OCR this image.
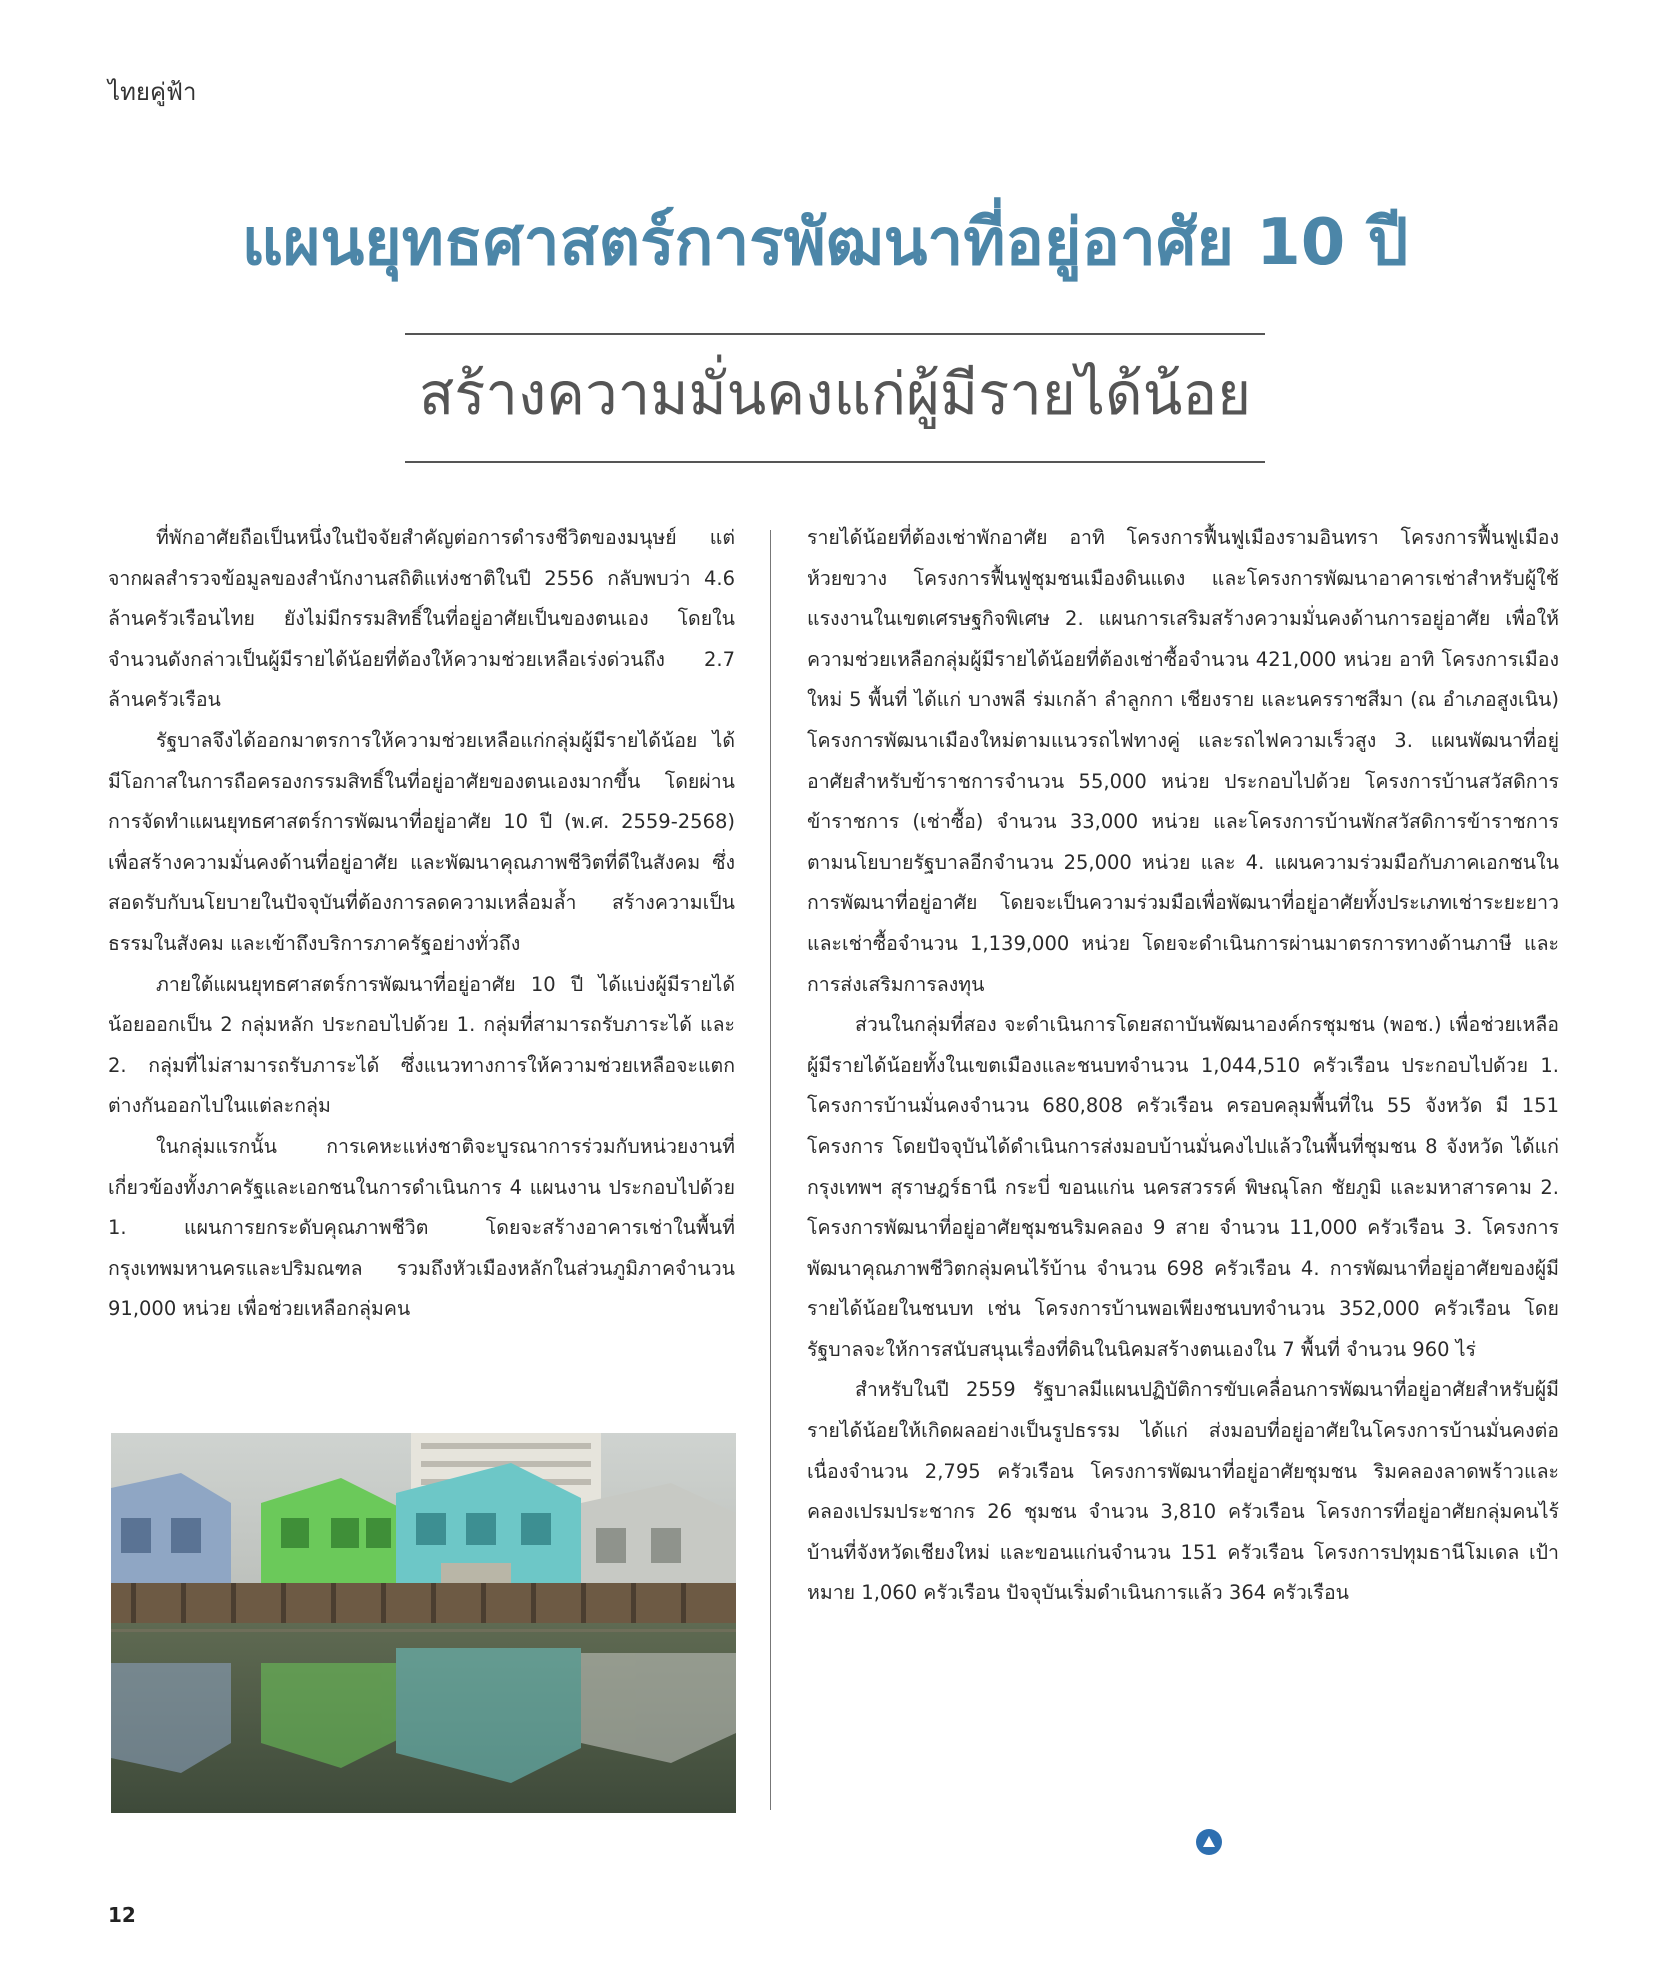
ไทยคู่ฟ้า
แผนยุทธศาสตร์การพัฒนาที่อยู่อาศัย 10 ปี
สร้างความมั่นคงแก่ผู้มีรายได้น้อย

ที่พักอาศัยถือเป็นหนึ่งในปัจจัยสำคัญต่อการดำรงชีวิตของมนุษย์ แต่จากผลสำรวจข้อมูลของสำนักงานสถิติแห่งชาติในปี 2556 กลับพบว่า 4.6 ล้านครัวเรือนไทย ยังไม่มีกรรมสิทธิ์ในที่อยู่อาศัยเป็นของตนเอง โดยในจำนวนดังกล่าวเป็นผู้มีรายได้น้อยที่ต้องให้ความช่วยเหลือเร่งด่วนถึง 2.7 ล้านครัวเรือน

รัฐบาลจึงได้ออกมาตรการให้ความช่วยเหลือแก่กลุ่มผู้มีรายได้น้อย ได้มีโอกาสในการถือครองกรรมสิทธิ์ในที่อยู่อาศัยของตนเองมากขึ้น โดยผ่านการจัดทำแผนยุทธศาสตร์การพัฒนาที่อยู่อาศัย 10 ปี (พ.ศ. 2559-2568) เพื่อสร้างความมั่นคงด้านที่อยู่อาศัย และพัฒนาคุณภาพชีวิตที่ดีในสังคม ซึ่งสอดรับกับนโยบายในปัจจุบันที่ต้องการลดความเหลื่อมล้ำ สร้างความเป็นธรรมในสังคม และเข้าถึงบริการภาครัฐอย่างทั่วถึง

ภายใต้แผนยุทธศาสตร์การพัฒนาที่อยู่อาศัย 10 ปี ได้แบ่งผู้มีรายได้น้อยออกเป็น 2 กลุ่มหลัก ประกอบไปด้วย 1. กลุ่มที่สามารถรับภาระได้ และ 2. กลุ่มที่ไม่สามารถรับภาระได้ ซึ่งแนวทางการให้ความช่วยเหลือจะแตกต่างกันออกไปในแต่ละกลุ่ม

ในกลุ่มแรกนั้น การเคหะแห่งชาติจะบูรณาการร่วมกับหน่วยงานที่เกี่ยวข้องทั้งภาครัฐและเอกชนในการดำเนินการ 4 แผนงาน ประกอบไปด้วย 1. แผนการยกระดับคุณภาพชีวิต โดยจะสร้างอาคารเช่าในพื้นที่กรุงเทพมหานครและปริมณฑล รวมถึงหัวเมืองหลักในส่วนภูมิภาคจำนวน 91,000 หน่วย เพื่อช่วยเหลือกลุ่มคน

รายได้น้อยที่ต้องเช่าพักอาศัย อาทิ โครงการฟื้นฟูเมืองรามอินทรา โครงการฟื้นฟูเมืองห้วยขวาง โครงการฟื้นฟูชุมชนเมืองดินแดง และโครงการพัฒนาอาคารเช่าสำหรับผู้ใช้แรงงานในเขตเศรษฐกิจพิเศษ 2. แผนการเสริมสร้างความมั่นคงด้านการอยู่อาศัย เพื่อให้ความช่วยเหลือกลุ่มผู้มีรายได้น้อยที่ต้องเช่าซื้อจำนวน 421,000 หน่วย อาทิ โครงการเมืองใหม่ 5 พื้นที่ ได้แก่ บางพลี ร่มเกล้า ลำลูกกา เชียงราย และนครราชสีมา (ณ อำเภอสูงเนิน) โครงการพัฒนาเมืองใหม่ตามแนวรถไฟทางคู่ และรถไฟความเร็วสูง 3. แผนพัฒนาที่อยู่อาศัยสำหรับข้าราชการจำนวน 55,000 หน่วย ประกอบไปด้วย โครงการบ้านสวัสดิการข้าราชการ (เช่าซื้อ) จำนวน 33,000 หน่วย และโครงการบ้านพักสวัสดิการข้าราชการตามนโยบายรัฐบาลอีกจำนวน 25,000 หน่วย และ 4. แผนความร่วมมือกับภาคเอกชนในการพัฒนาที่อยู่อาศัย โดยจะเป็นความร่วมมือเพื่อพัฒนาที่อยู่อาศัยทั้งประเภทเช่าระยะยาวและเช่าซื้อจำนวน 1,139,000 หน่วย โดยจะดำเนินการผ่านมาตรการทางด้านภาษี และการส่งเสริมการลงทุน

ส่วนในกลุ่มที่สอง จะดำเนินการโดยสถาบันพัฒนาองค์กรชุมชน (พอช.) เพื่อช่วยเหลือผู้มีรายได้น้อยทั้งในเขตเมืองและชนบทจำนวน 1,044,510 ครัวเรือน ประกอบไปด้วย 1. โครงการบ้านมั่นคงจำนวน 680,808 ครัวเรือน ครอบคลุมพื้นที่ใน 55 จังหวัด มี 151 โครงการ โดยปัจจุบันได้ดำเนินการส่งมอบบ้านมั่นคงไปแล้วในพื้นที่ชุมชน 8 จังหวัด ได้แก่ กรุงเทพฯ สุราษฎร์ธานี กระบี่ ขอนแก่น นครสวรรค์ พิษณุโลก ชัยภูมิ และมหาสารคาม 2. โครงการพัฒนาที่อยู่อาศัยชุมชนริมคลอง 9 สาย จำนวน 11,000 ครัวเรือน 3. โครงการพัฒนาคุณภาพชีวิตกลุ่มคนไร้บ้าน จำนวน 698 ครัวเรือน 4. การพัฒนาที่อยู่อาศัยของผู้มีรายได้น้อยในชนบท เช่น โครงการบ้านพอเพียงชนบทจำนวน 352,000 ครัวเรือน โดยรัฐบาลจะให้การสนับสนุนเรื่องที่ดินในนิคมสร้างตนเองใน 7 พื้นที่ จำนวน 960 ไร่

สำหรับในปี 2559 รัฐบาลมีแผนปฏิบัติการขับเคลื่อนการพัฒนาที่อยู่อาศัยสำหรับผู้มีรายได้น้อยให้เกิดผลอย่างเป็นรูปธรรม ได้แก่ ส่งมอบที่อยู่อาศัยในโครงการบ้านมั่นคงต่อเนื่องจำนวน 2,795 ครัวเรือน โครงการพัฒนาที่อยู่อาศัยชุมชน ริมคลองลาดพร้าวและคลองเปรมประชากร 26 ชุมชน จำนวน 3,810 ครัวเรือน โครงการที่อยู่อาศัยกลุ่มคนไร้บ้านที่จังหวัดเชียงใหม่ และขอนแก่นจำนวน 151 ครัวเรือน โครงการปทุมธานีโมเดล เป้าหมาย 1,060 ครัวเรือน ปัจจุบันเริ่มดำเนินการแล้ว 364 ครัวเรือน

12
